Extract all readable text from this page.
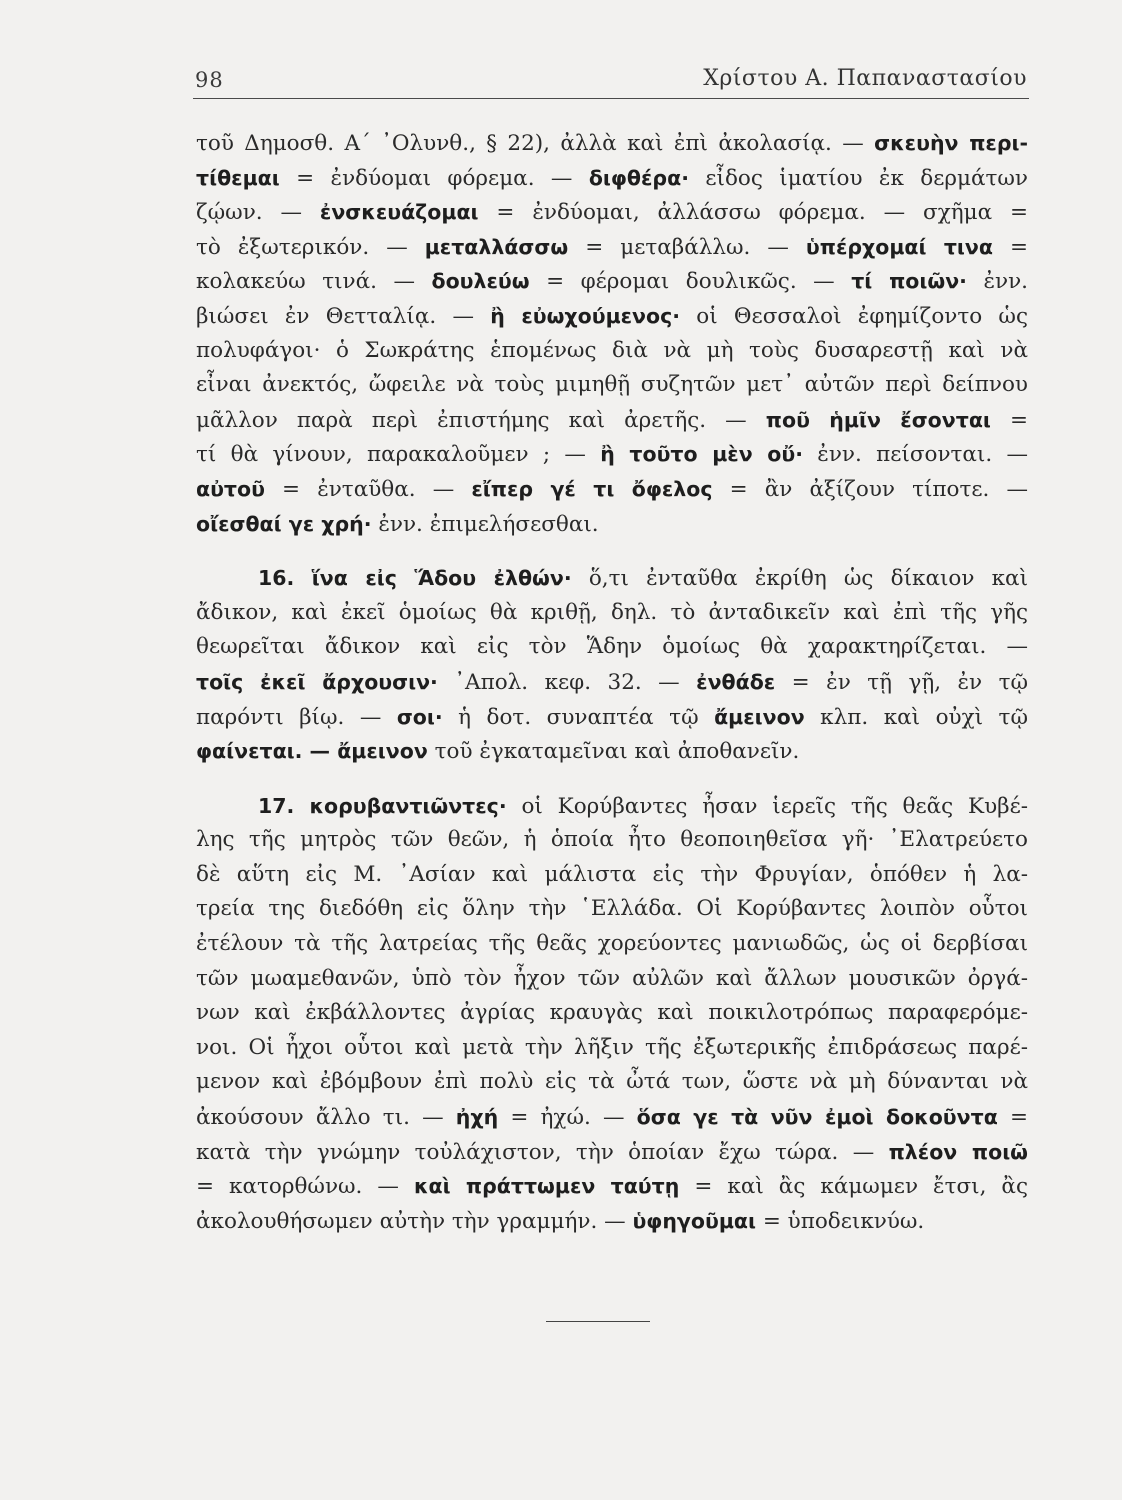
98	Χρίστου Α. Παπαναστασίου
τοῦ Δημοσθ. Α΄ ᾽Ολυνθ., § 22), ἀλλὰ καὶ ἐπὶ ἀκολασίᾳ. — σκευὴν περι-
τίθεμαι = ἐνδύομαι φόρεμα. — διφθέρα· εἶδος ἱματίου ἐκ δερμάτων
ζῴων. — ἐνσκευάζομαι = ἐνδύομαι, ἀλλάσσω φόρεμα. — σχῆμα =
τὸ ἐξωτερικόν. — μεταλλάσσω = μεταβάλλω. — ὑπέρχομαί τινα =
κολακεύω τινά. — δουλεύω = φέρομαι δουλικῶς. — τί ποιῶν· ἐνν.
βιώσει ἐν Θετταλίᾳ. — ἢ εὐωχούμενος· οἱ Θεσσαλοὶ ἐφημίζοντο ὡς
πολυφάγοι· ὁ Σωκράτης ἑπομένως διὰ νὰ μὴ τοὺς δυσαρεστῇ καὶ νὰ
εἶναι ἀνεκτός, ὤφειλε νὰ τοὺς μιμηθῇ συζητῶν μετ᾽ αὐτῶν περὶ δείπνου
μᾶλλον παρὰ περὶ ἐπιστήμης καὶ ἀρετῆς. — ποῦ ἡμῖν ἔσονται =
τί θὰ γίνουν, παρακαλοῦμεν ; — ἢ τοῦτο μὲν οὔ· ἐνν. πείσονται. —
αὐτοῦ = ἐνταῦθα. — εἴπερ γέ τι ὄφελος = ἂν ἀξίζουν τίποτε. —
οἴεσθαί γε χρή· ἐνν. ἐπιμελήσεσθαι.
16. ἵνα εἰς Ἅδου ἐλθών· ὅ,τι ἐνταῦθα ἐκρίθη ὡς δίκαιον καὶ
ἄδικον, καὶ ἐκεῖ ὁμοίως θὰ κριθῇ, δηλ. τὸ ἀνταδικεῖν καὶ ἐπὶ τῆς γῆς
θεωρεῖται ἄδικον καὶ εἰς τὸν Ἅδην ὁμοίως θὰ χαρακτηρίζεται. —
τοῖς ἐκεῖ ἄρχουσιν· ᾽Απολ. κεφ. 32. — ἐνθάδε = ἐν τῇ γῇ, ἐν τῷ
παρόντι βίῳ. — σοι· ἡ δοτ. συναπτέα τῷ ἄμεινον κλπ. καὶ οὐχὶ τῷ
φαίνεται. — ἄμεινον τοῦ ἐγκαταμεῖναι καὶ ἀποθανεῖν.
17. κορυβαντιῶντες· οἱ Κορύβαντες ἦσαν ἱερεῖς τῆς θεᾶς Κυβέ-
λης τῆς μητρὸς τῶν θεῶν, ἡ ὁποία ἦτο θεοποιηθεῖσα γῆ· ᾽Ελατρεύετο
δὲ αὕτη εἰς Μ. ᾽Ασίαν καὶ μάλιστα εἰς τὴν Φρυγίαν, ὁπόθεν ἡ λα-
τρεία της διεδόθη εἰς ὅλην τὴν ῾Ελλάδα. Οἱ Κορύβαντες λοιπὸν οὗτοι
ἐτέλουν τὰ τῆς λατρείας τῆς θεᾶς χορεύοντες μανιωδῶς, ὡς οἱ δερβίσαι
τῶν μωαμεθανῶν, ὑπὸ τὸν ἦχον τῶν αὐλῶν καὶ ἄλλων μουσικῶν ὀργά-
νων καὶ ἐκβάλλοντες ἀγρίας κραυγὰς καὶ ποικιλοτρόπως παραφερόμε-
νοι. Οἱ ἦχοι οὗτοι καὶ μετὰ τὴν λῆξιν τῆς ἐξωτερικῆς ἐπιδράσεως παρέ-
μενον καὶ ἐβόμβουν ἐπὶ πολὺ εἰς τὰ ὦτά των, ὥστε νὰ μὴ δύνανται νὰ
ἀκούσουν ἄλλο τι. — ἠχή = ἠχώ. — ὅσα γε τὰ νῦν ἐμοὶ δοκοῦντα =
κατὰ τὴν γνώμην τοὐλάχιστον, τὴν ὁποίαν ἔχω τώρα. — πλέον ποιῶ
= κατορθώνω. — καὶ πράττωμεν ταύτῃ = καὶ ἂς κάμωμεν ἔτσι, ἂς
ἀκολουθήσωμεν αὐτὴν τὴν γραμμήν. — ὑφηγοῦμαι = ὑποδεικνύω.
